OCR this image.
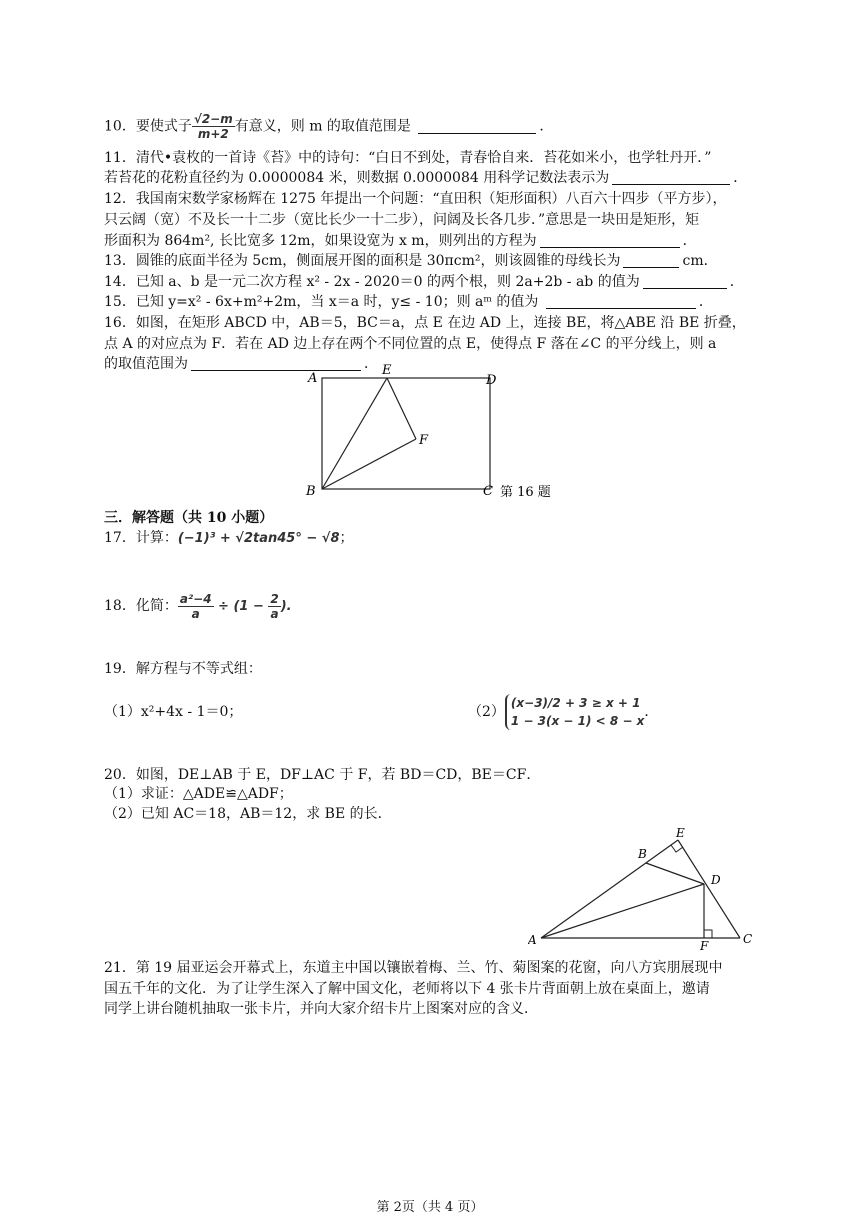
10．要使式子 $\frac{√2-m}{m+2}$ 有意义，则 m 的取值范围是	．
11．清代•袁枚的一首诗《苔》中的诗句：“白日不到处，青春恰自来．苔花如米小，也学牡丹开．”
若苔花的花粉直径约为 0.0000084 米，则数据 0.0000084 用科学记数法表示为	．
12．我国南宋数学家杨辉在 1275 年提出一个问题：“直田积（矩形面积）八百六十四步（平方步），
只云阔（宽）不及长一十二步（宽比长少一十二步），问阔及长各几步．”意思是一块田是矩形，矩
形面积为 864m², 长比宽多 12m，如果设宽为 x m，则列出的方程为	．
13．圆锥的底面半径为 5cm，侧面展开图的面积是 30πcm²，则该圆锥的母线长为	cm．
14．已知 a、b 是一元二次方程 x² - 2x - 2020＝0 的两个根，则 2a+2b - ab 的值为	．
15．已知 y=x² - 6x+m²+2m，当 x＝a 时，y≤ - 10；则 aᵐ 的值为	．
16．如图，在矩形 ABCD 中，AB＝5，BC＝a，点 E 在边 AD 上，连接 BE，将△ABE 沿 BE 折叠，
点 A 的对应点为 F．若在 AD 边上存在两个不同位置的点 E，使得点 F 落在∠C 的平分线上，则 a
的取值范围为	．
A
E
D
F
B	C 第 16 题
三．解答题（共 10 小题）
17．计算：(−1)³ + √2tan45° − √8；
18．化简： $\frac{\text{a²−4}}{a} \div (1 - \frac{2}{a}$ ).
19．解方程与不等式组：
（1）x²+4x - 1＝0；	（2）(x−3)/2 + 3 ≥ x + 1
1 − 3(x − 1) < 8 − x．
20．如图，DE⊥AB 于 E，DF⊥AC 于 F，若 BD＝CD，BE＝CF．
（1）求证：△ADE≌△ADF；
（2）已知 AC＝18，AB＝12，求 BE 的长．
A
B
E
D
F	C
21．第 19 届亚运会开幕式上，东道主中国以镶嵌着梅、兰、竹、菊图案的花窗，向八方宾朋展现中
国五千年的文化．为了让学生深入了解中国文化，老师将以下 4 张卡片背面朝上放在桌面上，邀请
同学上讲台随机抽取一张卡片，并向大家介绍卡片上图案对应的含义．
第 2页（共 4 页）
